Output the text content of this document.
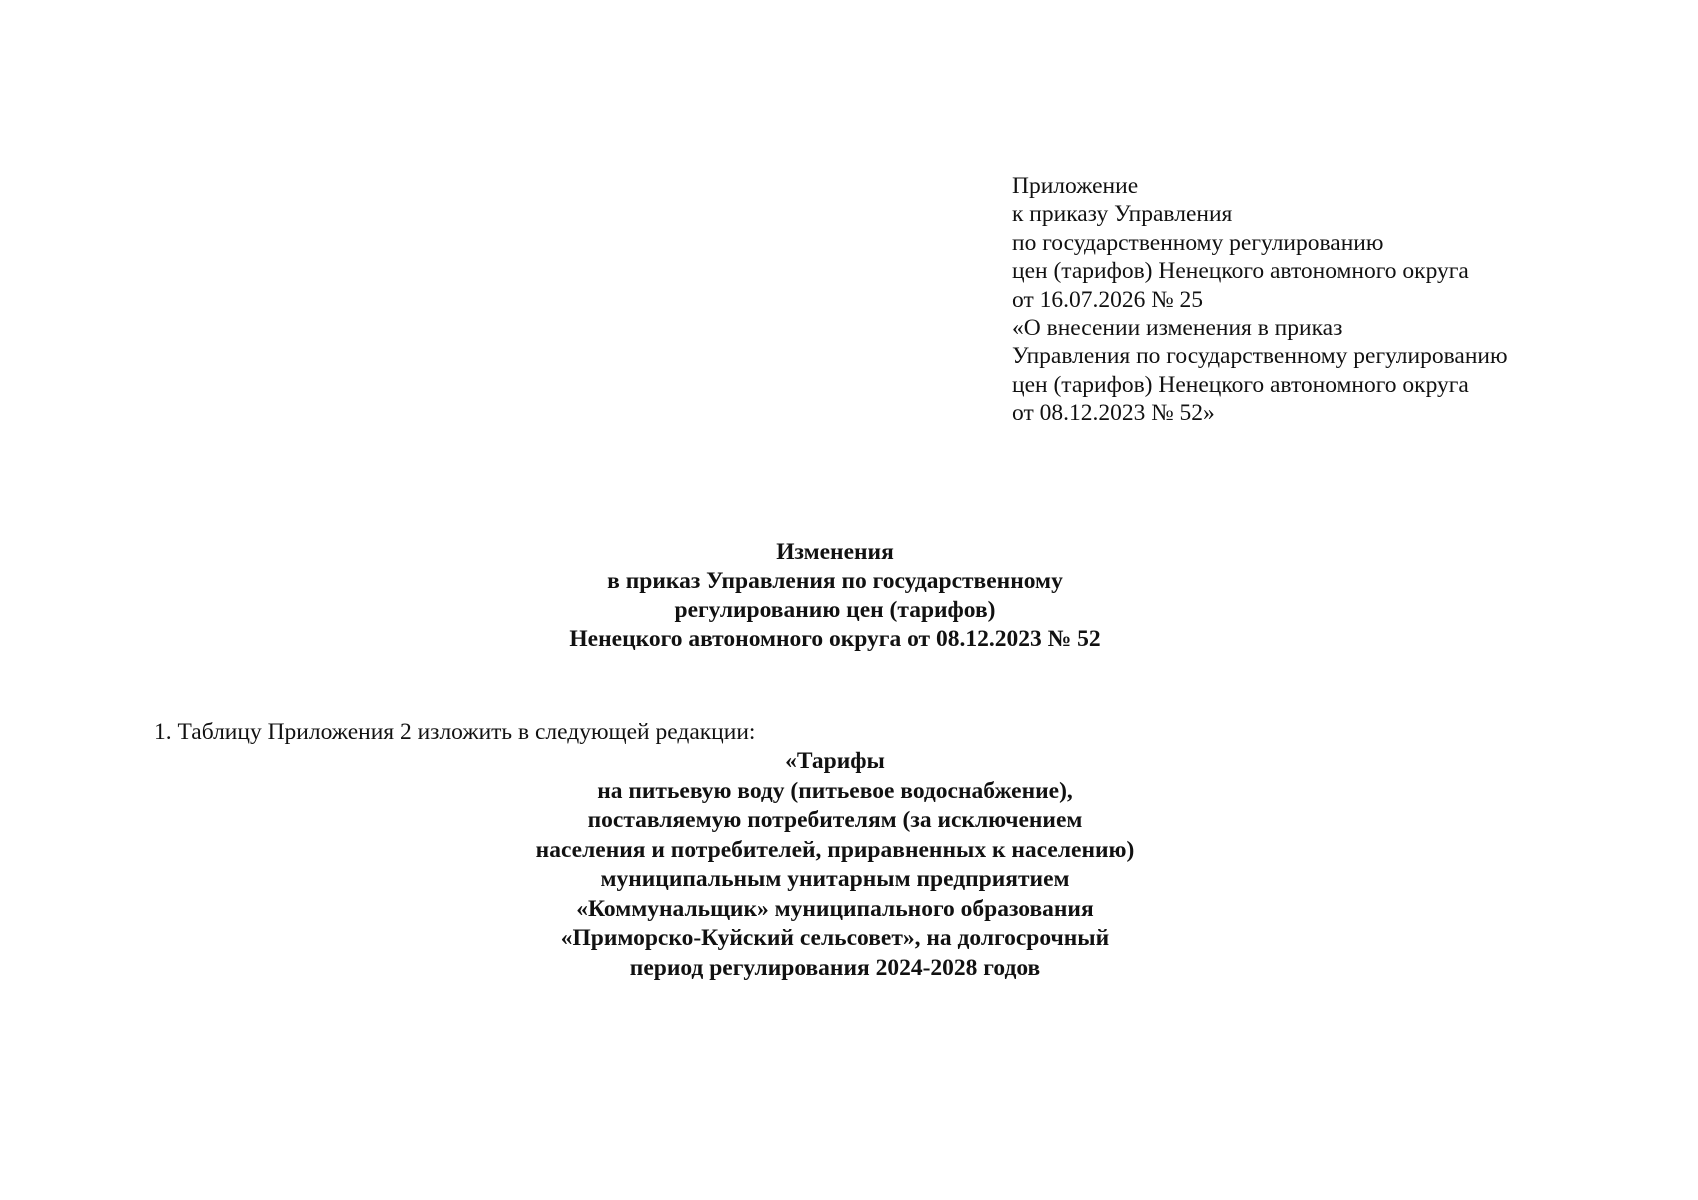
Приложение
к приказу Управления
по государственному регулированию
цен (тарифов) Ненецкого автономного округа
от 16.07.2026 № 25
«О внесении изменения в приказ
Управления по государственному регулированию
цен (тарифов) Ненецкого автономного округа
от 08.12.2023 № 52»
Изменения
в приказ Управления по государственному
регулированию цен (тарифов)
Ненецкого автономного округа от 08.12.2023 № 52
1. Таблицу Приложения 2 изложить в следующей редакции:
«Тарифы
на питьевую воду (питьевое водоснабжение),
поставляемую потребителям (за исключением
населения и потребителей, приравненных к населению)
муниципальным унитарным предприятием
«Коммунальщик» муниципального образования
«Приморско-Куйский сельсовет», на долгосрочный
период регулирования 2024-2028 годов
